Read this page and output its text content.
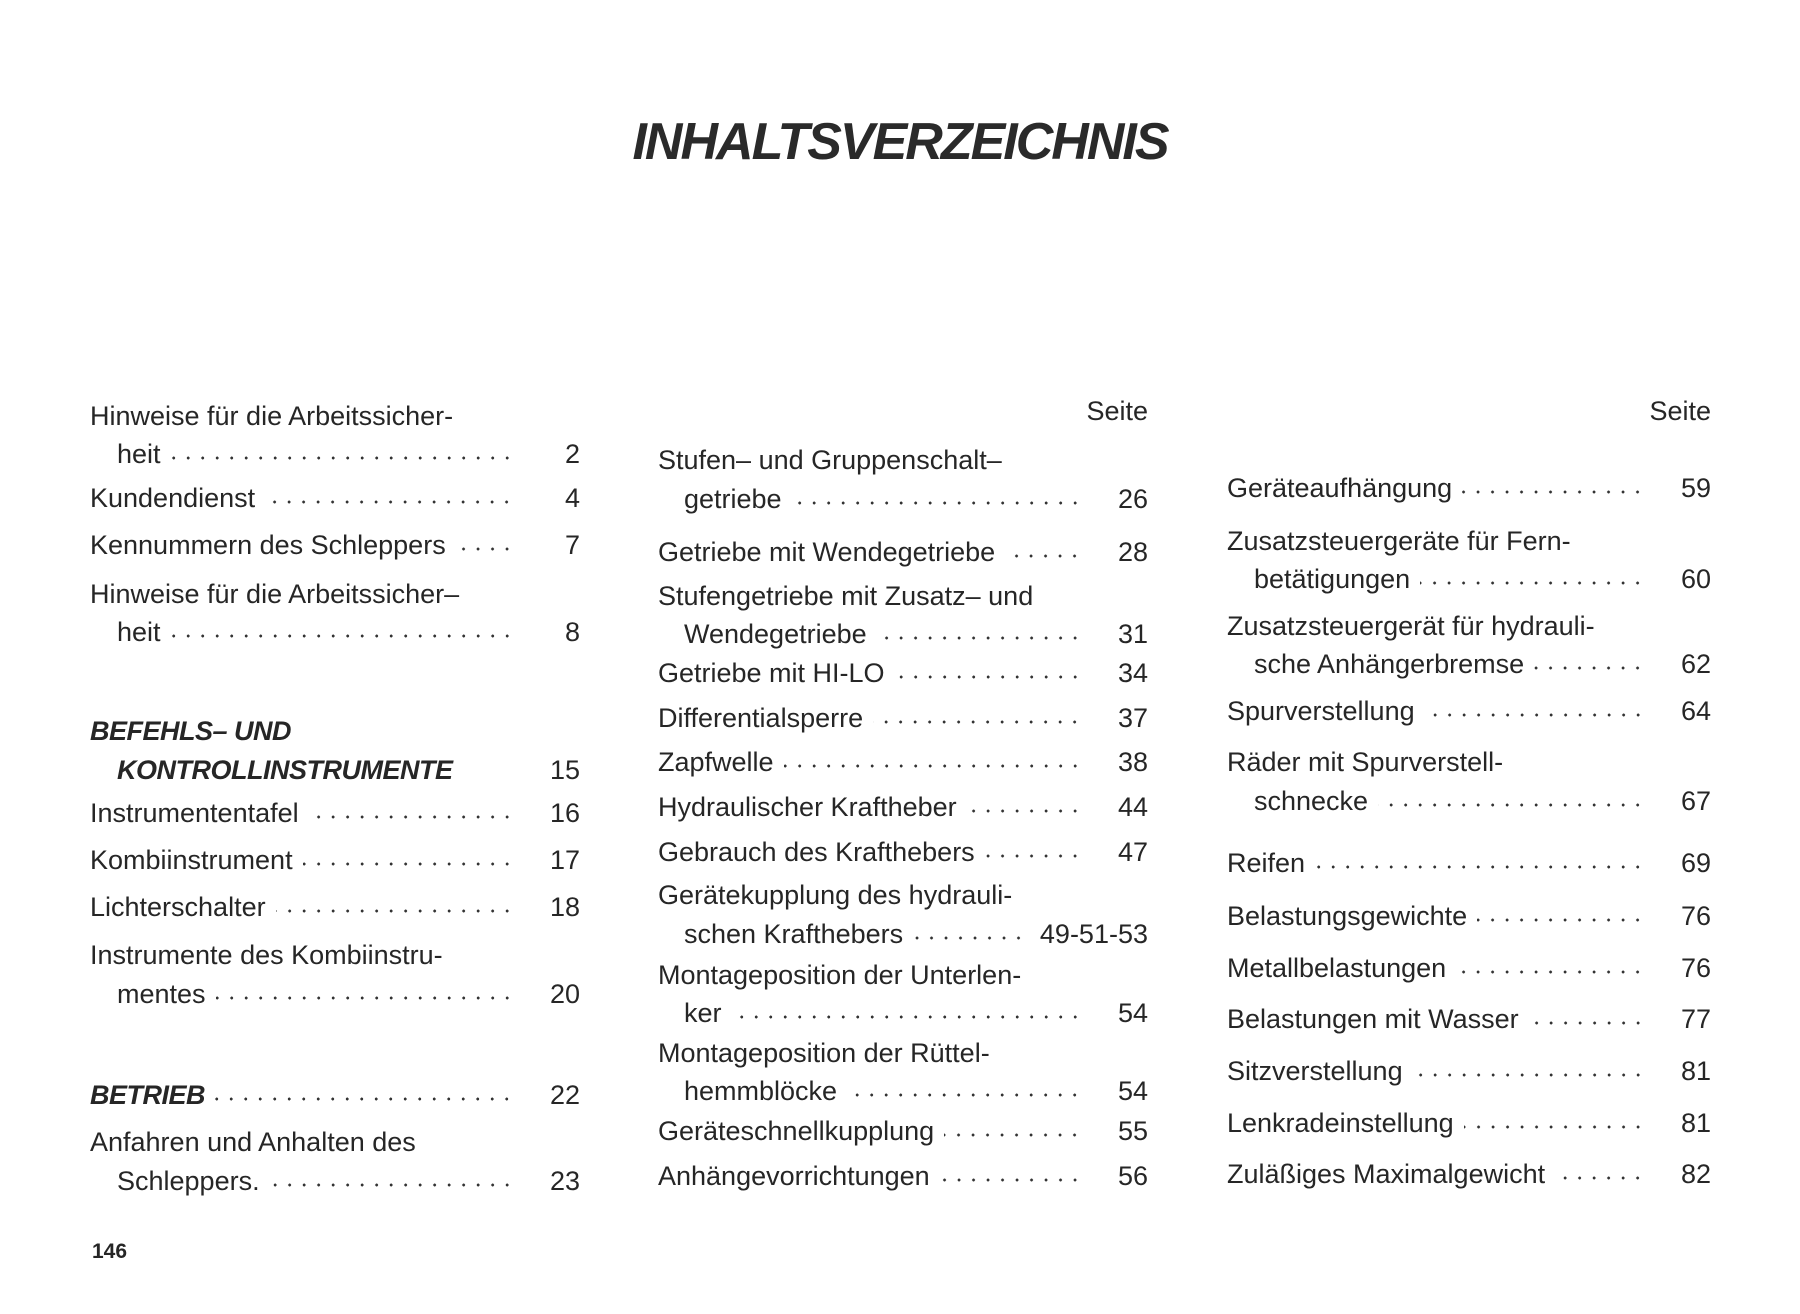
INHALTSVERZEICHNIS
Hinweise für die Arbeitssicher-
heit	2
Kundendienst	4
Kennummern des Schleppers	7
Hinweise für die Arbeitssicher–
heit	8
BEFEHLS– UND
KONTROLLINSTRUMENTE	15
Instrumententafel	16
Kombiinstrument	17
Lichterschalter	18
Instrumente des Kombiinstru-
mentes	20
BETRIEB	22
Anfahren und Anhalten des
Schleppers.	23
Seite
Stufen– und Gruppenschalt–
getriebe	26
Getriebe mit Wendegetriebe	28
Stufengetriebe mit Zusatz– und
Wendegetriebe	31
Getriebe mit HI-LO	34
Differentialsperre	37
Zapfwelle	38
Hydraulischer Kraftheber	44
Gebrauch des Krafthebers	47
Gerätekupplung des hydrauli-
schen Krafthebers	49-51-53
Montageposition der Unterlen-
ker	54
Montageposition der Rüttel-
hemmblöcke	54
Geräteschnellkupplung	55
Anhängevorrichtungen	56
Seite
Geräteaufhängung	59
Zusatzsteuergeräte für Fern-
betätigungen	60
Zusatzsteuergerät für hydrauli-
sche Anhängerbremse	62
Spurverstellung	64
Räder mit Spurverstell-
schnecke	67
Reifen	69
Belastungsgewichte	76
Metallbelastungen	76
Belastungen mit Wasser	77
Sitzverstellung	81
Lenkradeinstellung	81
Zuläßiges Maximalgewicht	82
146
